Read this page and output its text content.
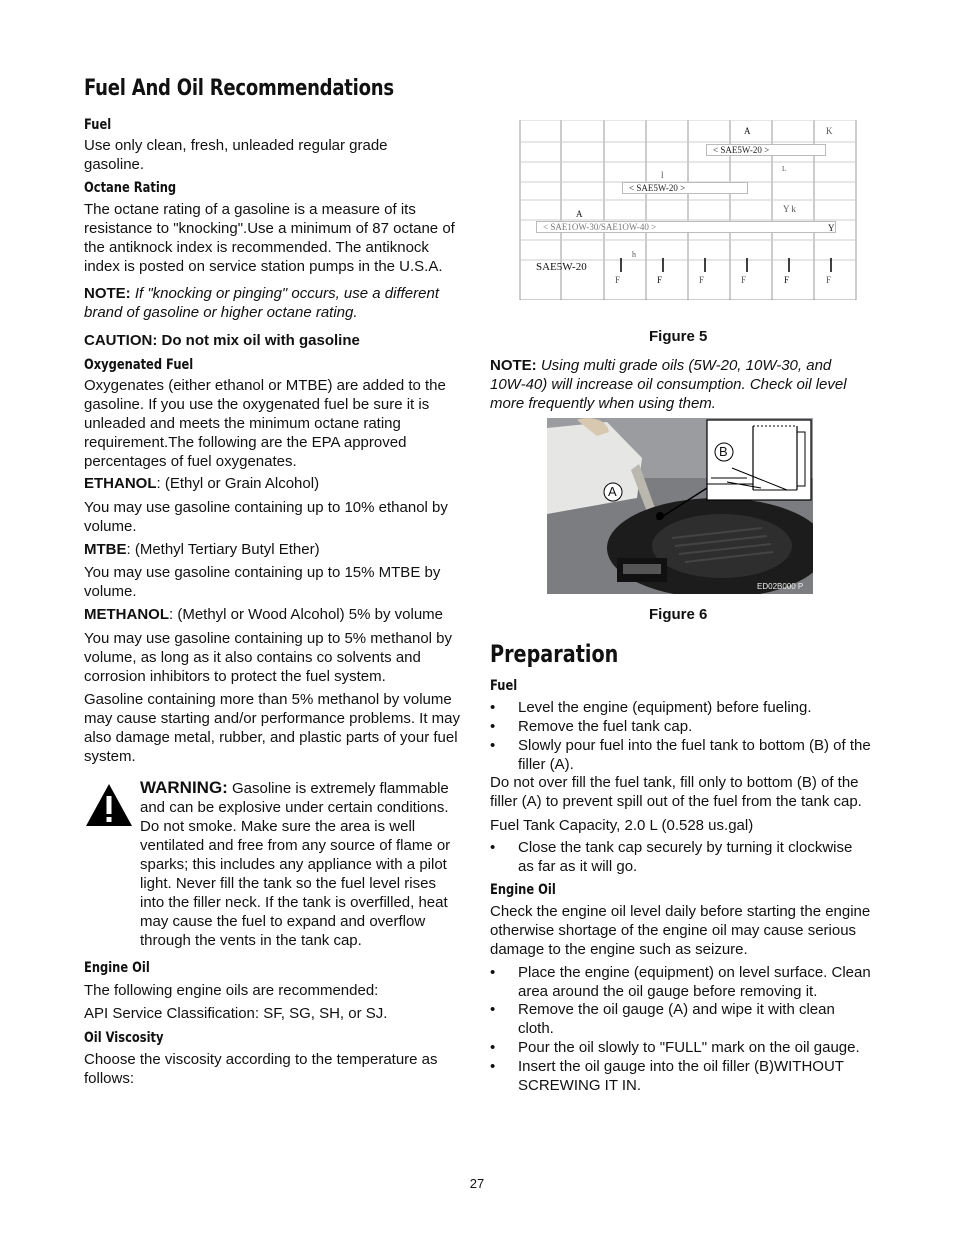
Fuel And Oil Recommendations
Fuel

Use only clean, fresh, unleaded regular grade gasoline.

Octane Rating

The octane rating of a gasoline is a measure of its resistance to "knocking".Use a minimum of 87 octane of the antiknock index is recommended. The antiknock index is posted on service station pumps in the U.S.A.

NOTE: If "knocking or pinging" occurs, use a different brand of gasoline or higher octane rating.

CAUTION: Do not mix oil with gasoline

Oxygenated Fuel

Oxygenates (either ethanol or MTBE) are added to the gasoline. If you use the oxygenated fuel be sure it is unleaded and meets the minimum octane rating requirement.The following are the EPA approved percentages of fuel oxygenates.

ETHANOL: (Ethyl or Grain Alcohol)

You may use gasoline containing up to 10% ethanol by volume.

MTBE: (Methyl Tertiary Butyl Ether)

You may use gasoline containing up to 15% MTBE by volume.

METHANOL: (Methyl or Wood Alcohol) 5% by volume

You may use gasoline containing up to 5% methanol by volume, as long as it also contains co solvents and corrosion inhibitors to protect the fuel system.

Gasoline containing more than 5% methanol by volume may cause starting and/or performance problems. It may also damage metal, rubber, and plastic parts of your fuel system.

WARNING: Gasoline is extremely flammable and can be explosive under certain conditions. Do not smoke. Make sure the area is well ventilated and free from any source of flame or sparks; this includes any appliance with a pilot light. Never fill the tank so the fuel level rises into the filler neck. If the tank is overfilled, heat may cause the fuel to expand and overflow through the vents in the tank cap.

Engine Oil

The following engine oils are recommended:

API Service Classification: SF, SG, SH, or SJ.

Oil Viscosity

Choose the viscosity according to the temperature as follows:

< SAE5W-20 >
< SAE5W-20 >
< SAE1OW-30/SAE1OW-40 >
SAE5W-20
A	K
l
L
A	Y k
Y
h
F	F	F	F	F	F
Figure 5

NOTE: Using multi grade oils (5W-20, 10W-30, and 10W-40) will increase oil consumption. Check oil level more frequently when using them.

B
A
ED02B000 P
Figure 6
Preparation
Fuel

• Level the engine (equipment) before fueling.

• Remove the fuel tank cap.

• Slowly pour fuel into the fuel tank to bottom (B) of the filler (A).

Do not over fill the fuel tank, fill only to bottom (B) of the filler (A) to prevent spill out of the fuel from the tank cap.

Fuel Tank Capacity, 2.0 L (0.528 us.gal)

• Close the tank cap securely by turning it clockwise as far as it will go.

Engine Oil

Check the engine oil level daily before starting the engine otherwise shortage of the engine oil may cause serious damage to the engine such as seizure.

• Place the engine (equipment) on level surface. Clean area around the oil gauge before removing it.

• Remove the oil gauge (A) and wipe it with clean cloth.

• Pour the oil slowly to "FULL" mark on the oil gauge.

• Insert the oil gauge into the oil filler (B)WITHOUT SCREWING IT IN.

27
